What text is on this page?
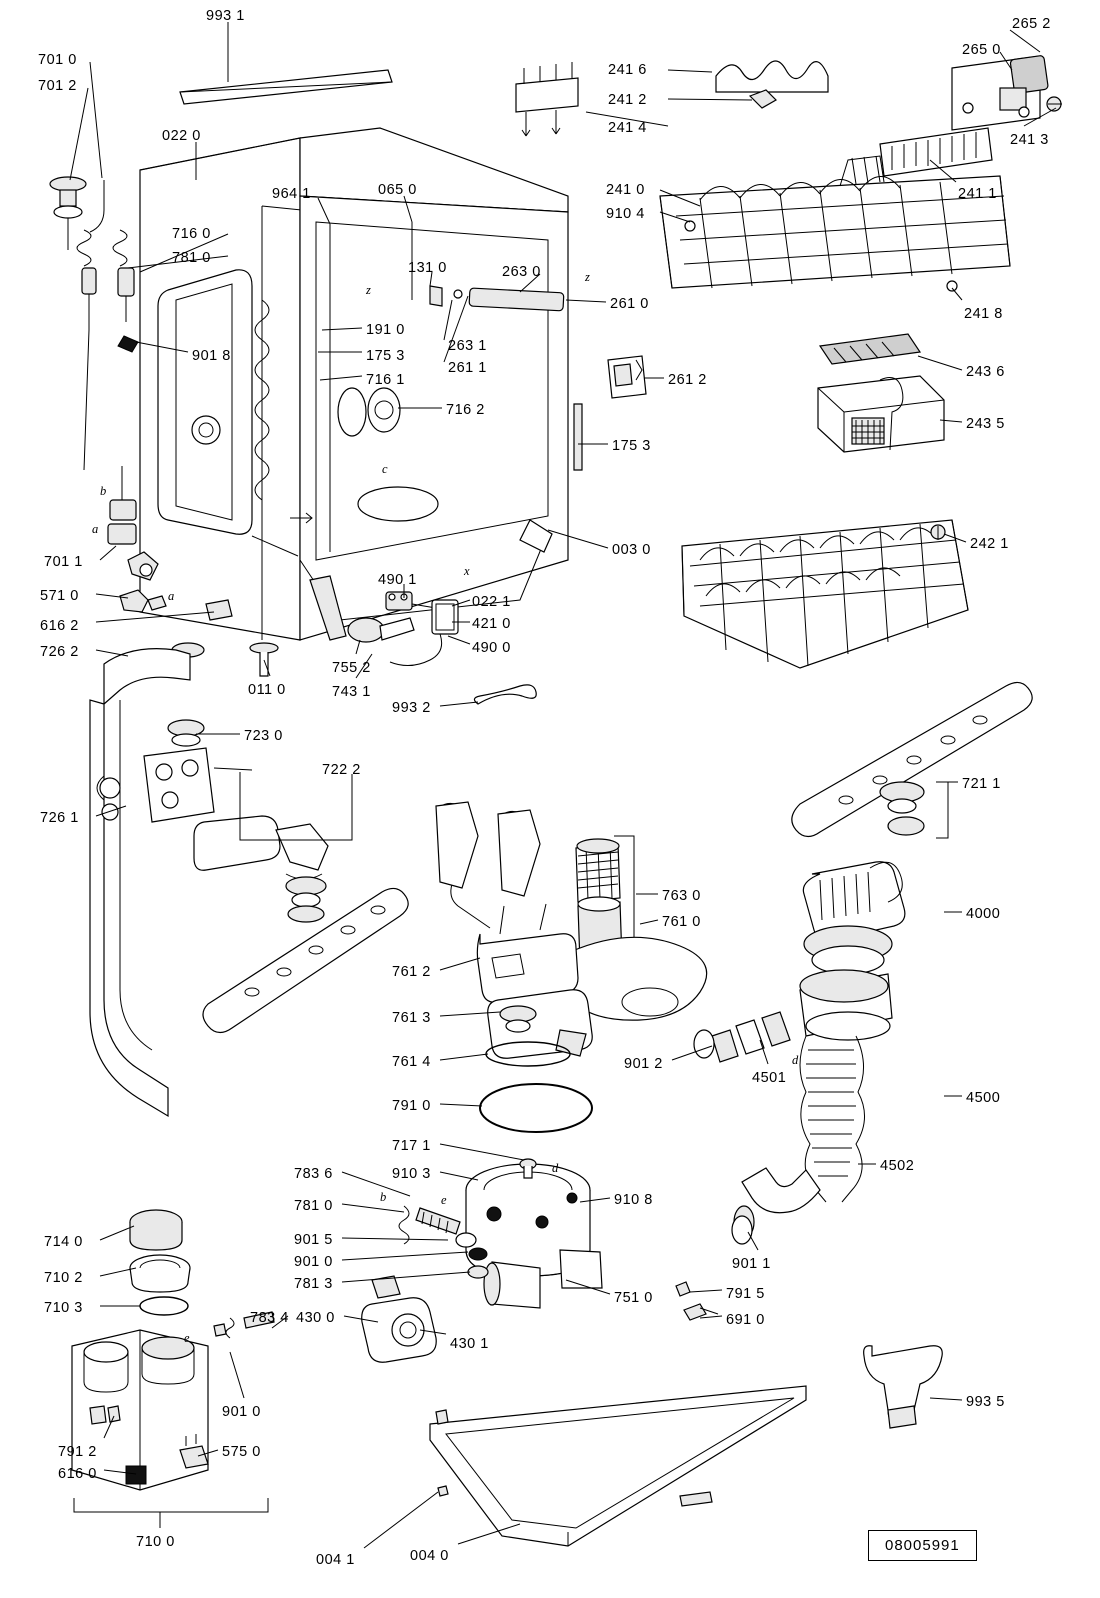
993 1	265 2
265 0
701 0
701 2
241 6
241 2
241 4
022 0	241 3
241 1
964 1	065 0	241 0
910 4
716 0
781 0
131 0	263 0
261 0
241 8
191 0
263 1
175 3
261 1
716 1
901 8
261 2	243 6
716 2
243 5
175 3
242 1
003 0
701 1
490 1
571 0	022 1
616 2	421 0
490 0
726 2
755 2
011 0	743 1
993 2
723 0
722 2
721 1
726 1
763 0
4000
761 0
761 2
761 3
901 2
4501
761 4
4500
791 0
717 1
783 6	910 3	4502
910 8
781 0
714 0	901 5
901 1
901 0
710 2	781 3
751 0	791 5
710 3
783 4 430 0	691 0
430 1
901 0
993 5
791 2	575 0
616 0
710 0
004 1	004 0
z
z
c
x
b
a
a
d
d
b	e
e
08005991
